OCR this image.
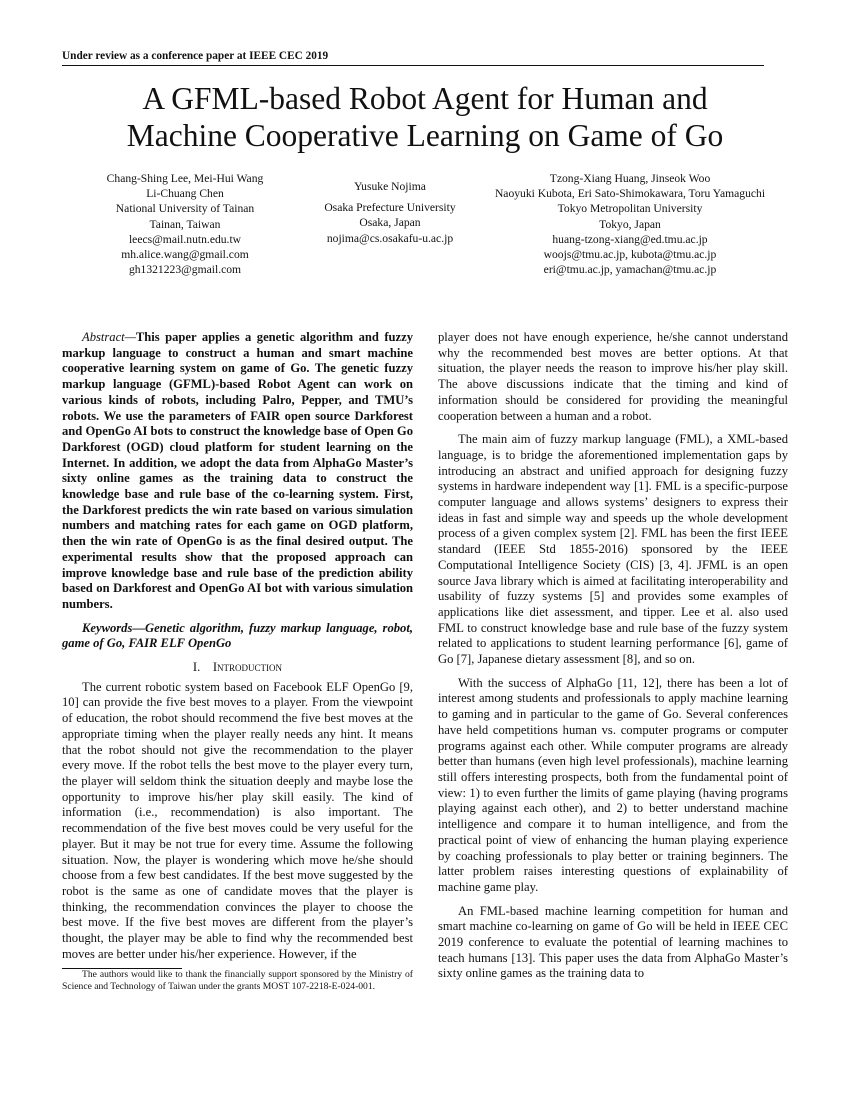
Under review as a conference paper at IEEE CEC 2019
A GFML-based Robot Agent for Human and
Machine Cooperative Learning on Game of Go
Chang-Shing Lee, Mei-Hui Wang
Li-Chuang Chen
National University of Tainan
Tainan, Taiwan
leecs@mail.nutn.edu.tw
mh.alice.wang@gmail.com
gh1321223@gmail.com
Yusuke Nojima
Osaka Prefecture University
Osaka, Japan
nojima@cs.osakafu-u.ac.jp
Tzong-Xiang Huang, Jinseok Woo
Naoyuki Kubota, Eri Sato-Shimokawara, Toru Yamaguchi
Tokyo Metropolitan University
Tokyo, Japan
huang-tzong-xiang@ed.tmu.ac.jp
woojs@tmu.ac.jp, kubota@tmu.ac.jp
eri@tmu.ac.jp, yamachan@tmu.ac.jp

Abstract—This paper applies a genetic algorithm and fuzzy markup language to construct a human and smart machine cooperative learning system on game of Go. The genetic fuzzy markup language (GFML)-based Robot Agent can work on various kinds of robots, including Palro, Pepper, and TMU’s robots. We use the parameters of FAIR open source Darkforest and OpenGo AI bots to construct the knowledge base of Open Go Darkforest (OGD) cloud platform for student learning on the Internet. In addition, we adopt the data from AlphaGo Master’s sixty online games as the training data to construct the knowledge base and rule base of the co-learning system. First, the Darkforest predicts the win rate based on various simulation numbers and matching rates for each game on OGD platform, then the win rate of OpenGo is as the final desired output. The experimental results show that the proposed approach can improve knowledge base and rule base of the prediction ability based on Darkforest and OpenGo AI bot with various simulation numbers.

Keywords—Genetic algorithm, fuzzy markup language, robot, game of Go, FAIR ELF OpenGo

I. Introduction

The current robotic system based on Facebook ELF OpenGo [9, 10] can provide the five best moves to a player. From the viewpoint of education, the robot should recommend the five best moves at the appropriate timing when the player really needs any hint. It means that the robot should not give the recommendation to the player every move. If the robot tells the best move to the player every turn, the player will seldom think the situation deeply and maybe lose the opportunity to improve his/her play skill easily. The kind of information (i.e., recommendation) is also important. The recommendation of the five best moves could be very useful for the player. But it may be not true for every time. Assume the following situation. Now, the player is wondering which move he/she should choose from a few best candidates. If the best move suggested by the robot is the same as one of candidate moves that the player is thinking, the recommendation convinces the player to choose the best move. If the five best moves are different from the player’s thought, the player may be able to find why the recommended best moves are better under his/her experience. However, if the

The authors would like to thank the financially support sponsored by the Ministry of Science and Technology of Taiwan under the grants MOST 107-2218-E-024-001.

player does not have enough experience, he/she cannot understand why the recommended best moves are better options. At that situation, the player needs the reason to improve his/her play skill. The above discussions indicate that the timing and kind of information should be considered for providing the meaningful cooperation between a human and a robot.

The main aim of fuzzy markup language (FML), a XML-based language, is to bridge the aforementioned implementation gaps by introducing an abstract and unified approach for designing fuzzy systems in hardware independent way [1]. FML is a specific-purpose computer language and allows systems’ designers to express their ideas in fast and simple way and speeds up the whole development process of a given complex system [2]. FML has been the first IEEE standard (IEEE Std 1855-2016) sponsored by the IEEE Computational Intelligence Society (CIS) [3, 4]. JFML is an open source Java library which is aimed at facilitating interoperability and usability of fuzzy systems [5] and provides some examples of applications like diet assessment, and tipper. Lee et al. also used FML to construct knowledge base and rule base of the fuzzy system related to applications to student learning performance [6], game of Go [7], Japanese dietary assessment [8], and so on.

With the success of AlphaGo [11, 12], there has been a lot of interest among students and professionals to apply machine learning to gaming and in particular to the game of Go. Several conferences have held competitions human vs. computer programs or computer programs against each other. While computer programs are already better than humans (even high level professionals), machine learning still offers interesting prospects, both from the fundamental point of view: 1) to even further the limits of game playing (having programs playing against each other), and 2) to better understand machine intelligence and compare it to human intelligence, and from the practical point of view of enhancing the human playing experience by coaching professionals to play better or training beginners. The latter problem raises interesting questions of explainability of machine game play.

An FML-based machine learning competition for human and smart machine co-learning on game of Go will be held in IEEE CEC 2019 conference to evaluate the potential of learning machines to teach humans [13]. This paper uses the data from AlphaGo Master’s sixty online games as the training data to
